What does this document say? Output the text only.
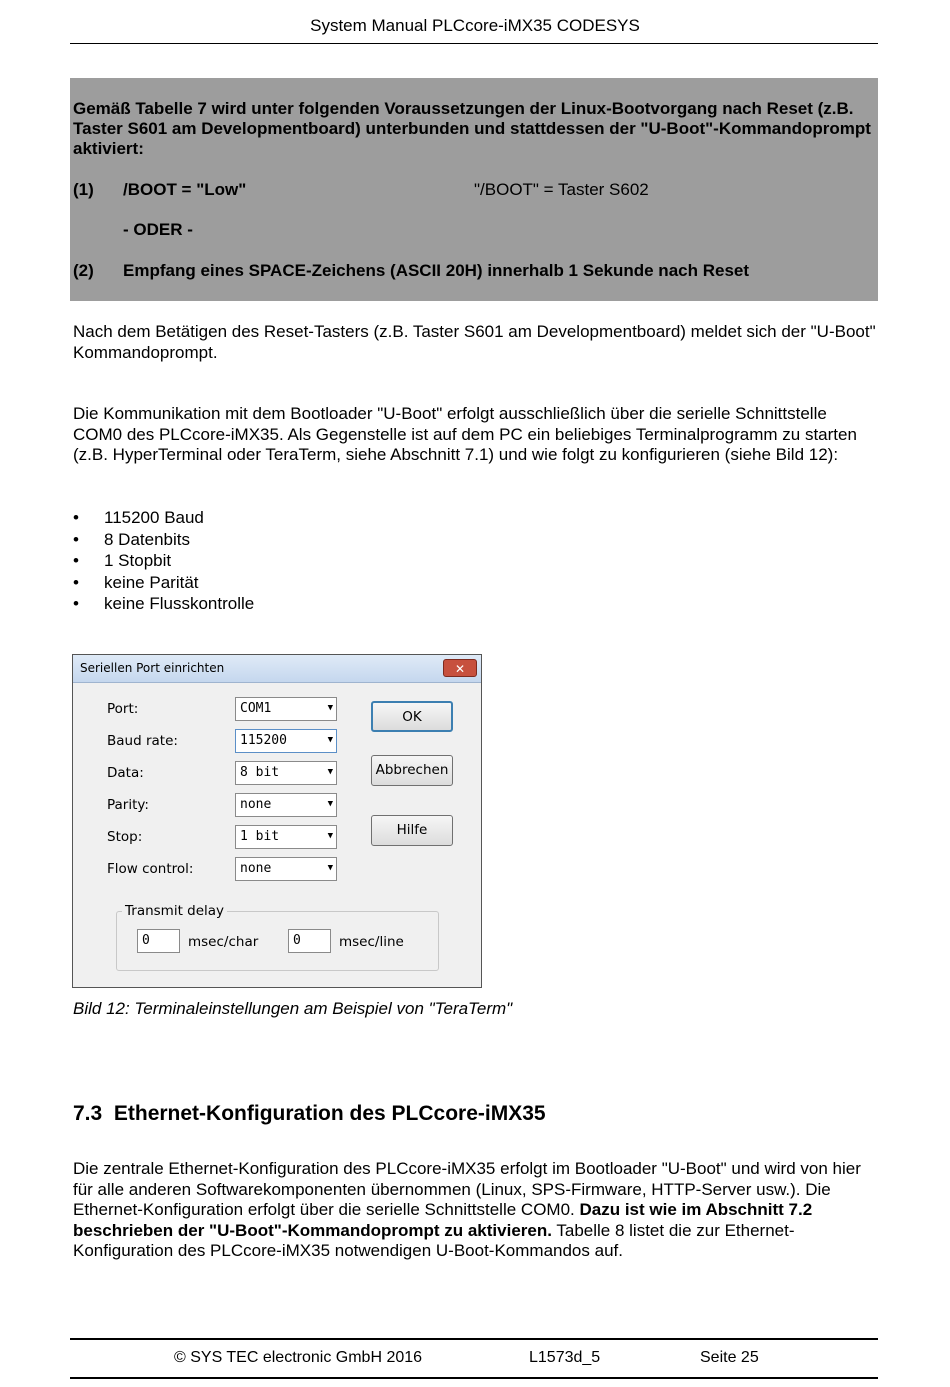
System Manual PLCcore-iMX35 CODESYS
Gemäß Tabelle 7 wird unter folgenden Voraussetzungen der Linux-Bootvorgang nach Reset (z.B. Taster S601 am Developmentboard) unterbunden und stattdessen der "U-Boot"-Kommandoprompt aktiviert:
(1) /BOOT = "Low"	"/BOOT" = Taster S602
- ODER -
(2) Empfang eines SPACE-Zeichens (ASCII 20H) innerhalb 1 Sekunde nach Reset
Nach dem Betätigen des Reset-Tasters (z.B. Taster S601 am Developmentboard) meldet sich der "U-Boot" Kommandoprompt.
Die Kommunikation mit dem Bootloader "U-Boot" erfolgt ausschließlich über die serielle Schnittstelle COM0 des PLCcore-iMX35. Als Gegenstelle ist auf dem PC ein beliebiges Terminalprogramm zu starten (z.B. HyperTerminal oder TeraTerm, siehe Abschnitt 7.1) und wie folgt zu konfigurieren (siehe Bild 12):
• 115200 Baud
• 8 Datenbits
• 1 Stopbit
• keine Parität
• keine Flusskontrolle
Seriellen Port einrichten	✕
Port:	COM1	▼
Baud rate:	115200	▼
Data:	8 bit	▼
Parity:	none	▼
Stop:	1 bit	▼
Flow control:	none	▼
OK
Abbrechen
Hilfe
Transmit delay
0	msec/char	0	msec/line
Bild 12: Terminaleinstellungen am Beispiel von "TeraTerm"
7.3 Ethernet-Konfiguration des PLCcore-iMX35
Die zentrale Ethernet-Konfiguration des PLCcore-iMX35 erfolgt im Bootloader "U-Boot" und wird von hier für alle anderen Softwarekomponenten übernommen (Linux, SPS-Firmware, HTTP-Server usw.). Die Ethernet-Konfiguration erfolgt über die serielle Schnittstelle COM0. Dazu ist wie im Abschnitt 7.2 beschrieben der "U-Boot"-Kommandoprompt zu aktivieren. Tabelle 8 listet die zur Ethernet-Konfiguration des PLCcore-iMX35 notwendigen U-Boot-Kommandos auf.
© SYS TEC electronic GmbH 2016	L1573d_5	Seite 25
